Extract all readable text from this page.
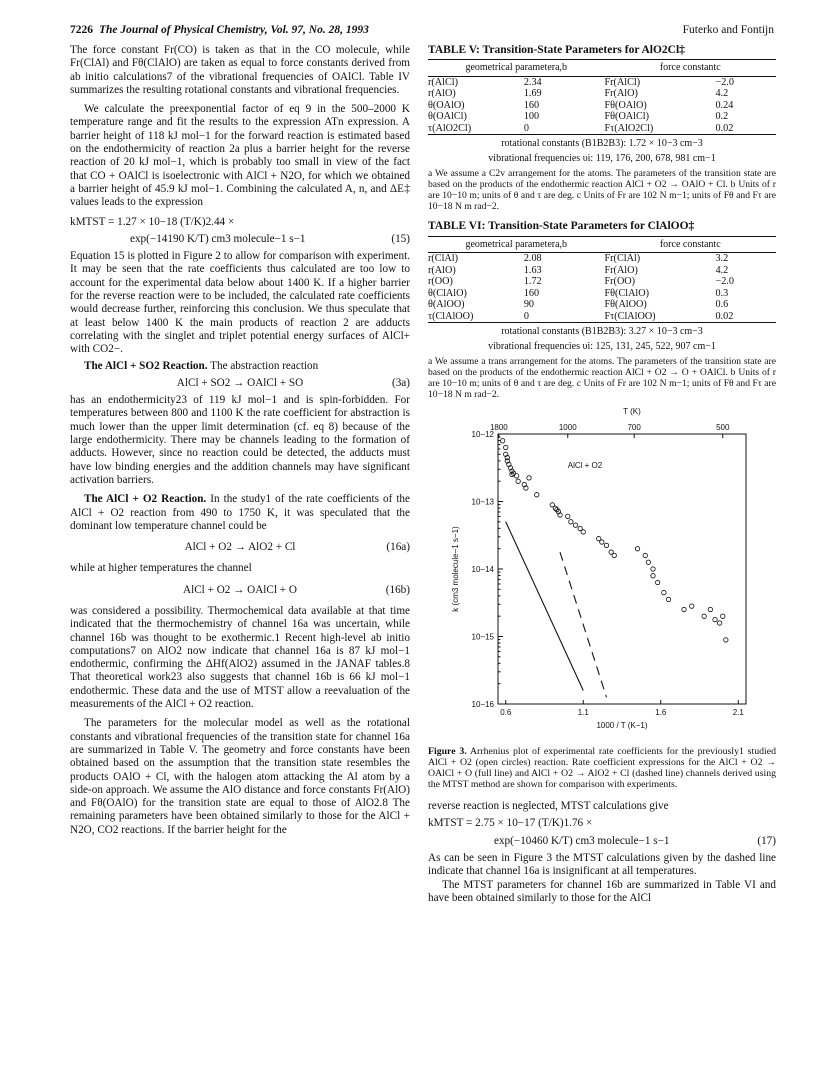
7226 The Journal of Physical Chemistry, Vol. 97, No. 28, 1993	Futerko and Fontijn

The force constant Fr(CO) is taken as that in the CO molecule, while Fr(ClAl) and Fθ(ClAlO) are taken as equal to force constants derived from ab initio calculations7 of the vibrational frequencies of OAlCl. Table IV summarizes the resulting rotational constants and vibrational frequencies.

We calculate the preexponential factor of eq 9 in the 500–2000 K temperature range and fit the results to the expression ATn expression. A barrier height of 118 kJ mol−1 for the forward reaction is estimated based on the endothermicity of reaction 2a plus a barrier height for the reverse reaction of 20 kJ mol−1, which is probably too small in view of the fact that CO + OAlCl is isoelectronic with AlCl + N2O, for which we obtained a barrier height of 45.9 kJ mol−1. Combining the calculated A, n, and ΔE‡ values leads to the expression

kMTST = 1.27 × 10−18 (T/K)2.44 ×
exp(−14190 K/T) cm3 molecule−1 s−1	(15)

Equation 15 is plotted in Figure 2 to allow for comparison with experiment. It may be seen that the rate coefficients thus calculated are too low to account for the experimental data below about 1400 K. If a higher barrier for the reverse reaction were to be included, the calculated rate coefficients would decrease further, reinforcing this conclusion. We thus speculate that at least below 1400 K the main products of reaction 2 are adducts correlating with the singlet and triplet potential energy surfaces of AlCl+ with CO2−.

The AlCl + SO2 Reaction. The abstraction reaction

AlCl + SO2 → OAlCl + SO	(3a)

has an endothermicity23 of 119 kJ mol−1 and is spin-forbidden. For temperatures between 800 and 1100 K the rate coefficient for abstraction is much lower than the upper limit determination (cf. eq 8) because of the large endothermicity. There may be channels leading to the formation of adducts. However, since no reaction could be detected, the adducts must have low binding energies and the addition channels may have significant activation barriers.

The AlCl + O2 Reaction. In the study1 of the rate coefficients of the AlCl + O2 reaction from 490 to 1750 K, it was speculated that the dominant low temperature channel could be

AlCl + O2 → AlO2 + Cl	(16a)

while at higher temperatures the channel

AlCl + O2 → OAlCl + O	(16b)

was considered a possibility. Thermochemical data available at that time indicated that the thermochemistry of channel 16a was uncertain, while channel 16b was thought to be exothermic.1 Recent high-level ab initio computations7 on AlO2 now indicate that channel 16a is 87 kJ mol−1 endothermic, confirming the ΔHf(AlO2) assumed in the JANAF tables.8 That theoretical work23 also suggests that channel 16b is 66 kJ mol−1 endothermic. These data and the use of MTST allow a reevaluation of the measurements of the AlCl + O2 reaction.

The parameters for the molecular model as well as the rotational constants and vibrational frequencies of the transition state for channel 16a are summarized in Table V. The geometry and force constants have been obtained based on the assumption that the transition state resembles the products OAlO + Cl, with the halogen atom attacking the Al atom by a side-on approach. We assume the AlO distance and force constants Fr(AlO) and Fθ(OAlO) for the transition state are equal to those of AlO2.8 The remaining parameters have been obtained similarly to those for the AlCl + N2O, CO2 reactions. If the barrier height for the

TABLE V: Transition-State Parameters for AlO2Cl‡
geometrical parametera,b		force constantc	
r(AlCl)	2.34	Fr(AlCl)	−2.0
r(AlO)	1.69	Fr(AlO)	4.2
θ(OAlO)	160	Fθ(OAlO)	0.24
θ(OAlCl)	100	Fθ(OAlCl)	0.2
τ(AlO2Cl)	0	Fτ(AlO2Cl)	0.02
rotational constants (B1B2B3): 1.72 × 10−3 cm−3
vibrational frequencies υi: 119, 176, 200, 678, 981 cm−1
a We assume a C2v arrangement for the atoms. The parameters of the transition state are based on the products of the endothermic reaction AlCl + O2 → OAlO + Cl. b Units of r are 10−10 m; units of θ and τ are deg. c Units of Fr are 102 N m−1; units of Fθ and Fτ are 10−18 N m rad−2.
TABLE VI: Transition-State Parameters for ClAlOO‡
geometrical parametera,b		force constantc	
r(ClAl)	2.08	Fr(ClAl)	3.2
r(AlO)	1.63	Fr(AlO)	4.2
r(OO)	1.72	Fr(OO)	−2.0
θ(ClAlO)	160	Fθ(ClAlO)	0.3
θ(AlOO)	90	Fθ(AlOO)	0.6
τ(ClAlOO)	0	Fτ(ClAlOO)	0.02
rotational constants (B1B2B3): 3.27 × 10−3 cm−3
vibrational frequencies υi: 125, 131, 245, 522, 907 cm−1
a We assume a trans arrangement for the atoms. The parameters of the transition state are based on the products of the endothermic reaction AlCl + O2 → O + OAlCl. b Units of r are 10−10 m; units of θ and τ are deg. c Units of Fr are 102 N m−1; units of Fθ and Fτ are 10−18 N m rad−2.
T (K)
1800	1000	700	500
0.6	1.1	1.6	2.1
1000 / T (K−1)
10−12
10−13
10−14
10−15
10−16
k (cm3 molecule−1 s−1)
AlCl + O2
Figure 3. Arrhenius plot of experimental rate coefficients for the previously1 studied AlCl + O2 (open circles) reaction. Rate coefficient expressions for the AlCl + O2 → OAlCl + O (full line) and AlCl + O2 → AlO2 + Cl (dashed line) channels derived using the MTST method are shown for comparison with experiments.

reverse reaction is neglected, MTST calculations give

kMTST = 2.75 × 10−17 (T/K)1.76 ×
exp(−10460 K/T) cm3 molecule−1 s−1	(17)

As can be seen in Figure 3 the MTST calculations given by the dashed line indicate that channel 16a is insignificant at all temperatures.

The MTST parameters for channel 16b are summarized in Table VI and have been obtained similarly to those for the AlCl
